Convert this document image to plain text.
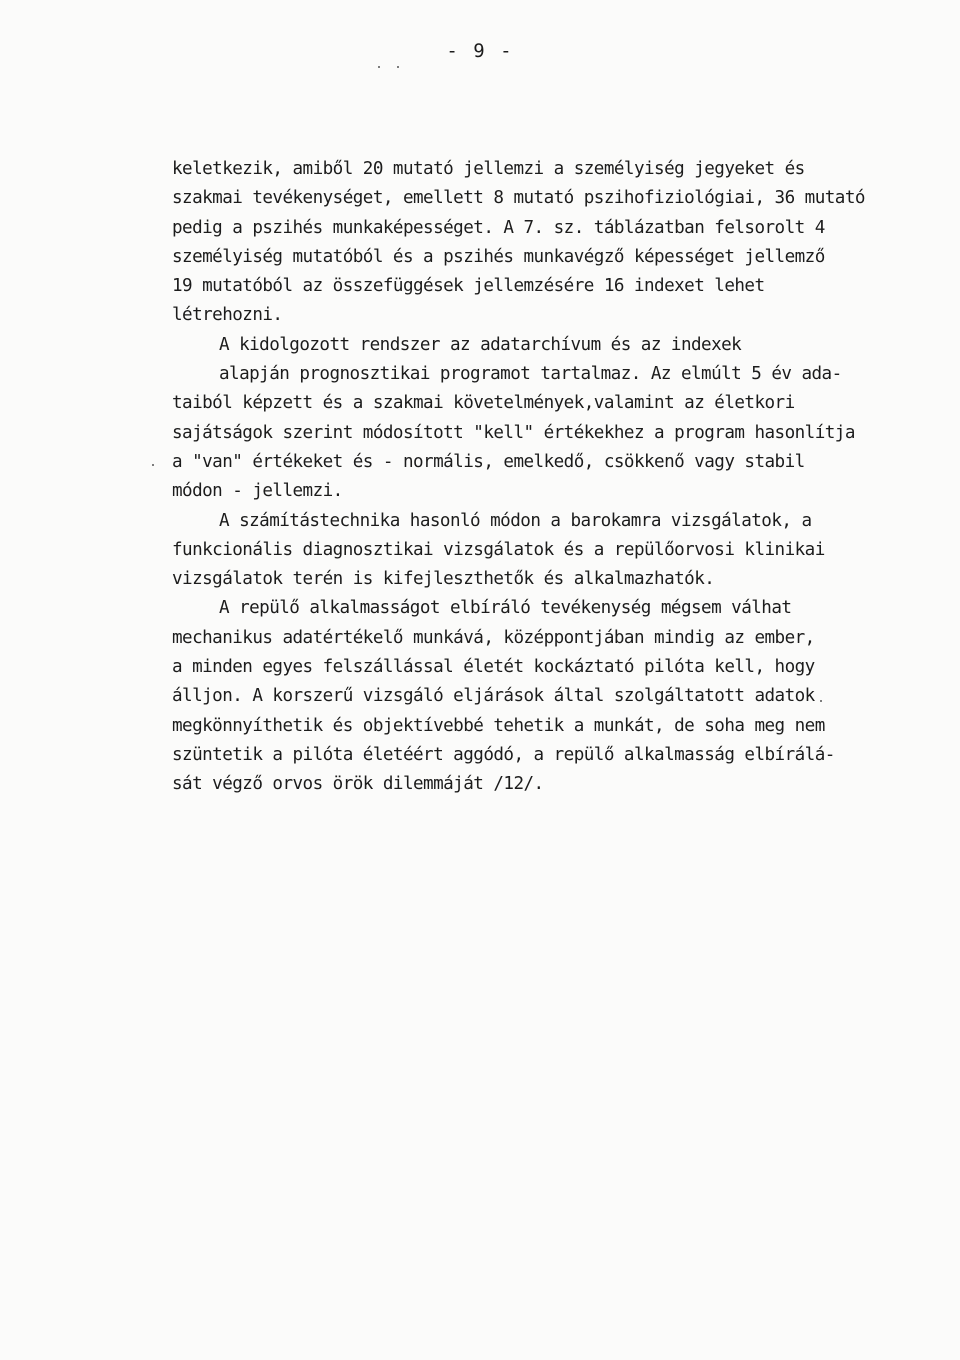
- 9 -
keletkezik, amiből 20 mutató jellemzi a személyiség jegyeket és
szakmai tevékenységet, emellett 8 mutató pszihofiziológiai, 36 mutató
pedig a pszihés munkaképességet. A 7. sz. táblázatban felsorolt 4
személyiség mutatóból és a pszihés munkavégző képességet jellemző
19 mutatóból az összefüggések jellemzésére 16 indexet lehet
létrehozni.
A kidolgozott rendszer az adatarchívum és az indexek
alapján prognosztikai programot tartalmaz. Az elmúlt 5 év ada-
taiból képzett és a szakmai követelmények,valamint az életkori
sajátságok szerint módosított "kell" értékekhez a program hasonlítja
a "van" értékeket és - normális, emelkedő, csökkenő vagy stabil
módon - jellemzi.
A számítástechnika hasonló módon a barokamra vizsgálatok, a
funkcionális diagnosztikai vizsgálatok és a repülőorvosi klinikai
vizsgálatok terén is kifejleszthetők és alkalmazhatók.
A repülő alkalmasságot elbíráló tevékenység mégsem válhat
mechanikus adatértékelő munkává, középpontjában mindig az ember,
a minden egyes felszállással életét kockáztató pilóta kell, hogy
álljon. A korszerű vizsgáló eljárások által szolgáltatott adatok
megkönnyíthetik és objektívebbé tehetik a munkát, de soha meg nem
szüntetik a pilóta életéért aggódó, a repülő alkalmasság elbírálá-
sát végző orvos örök dilemmáját /12/.
